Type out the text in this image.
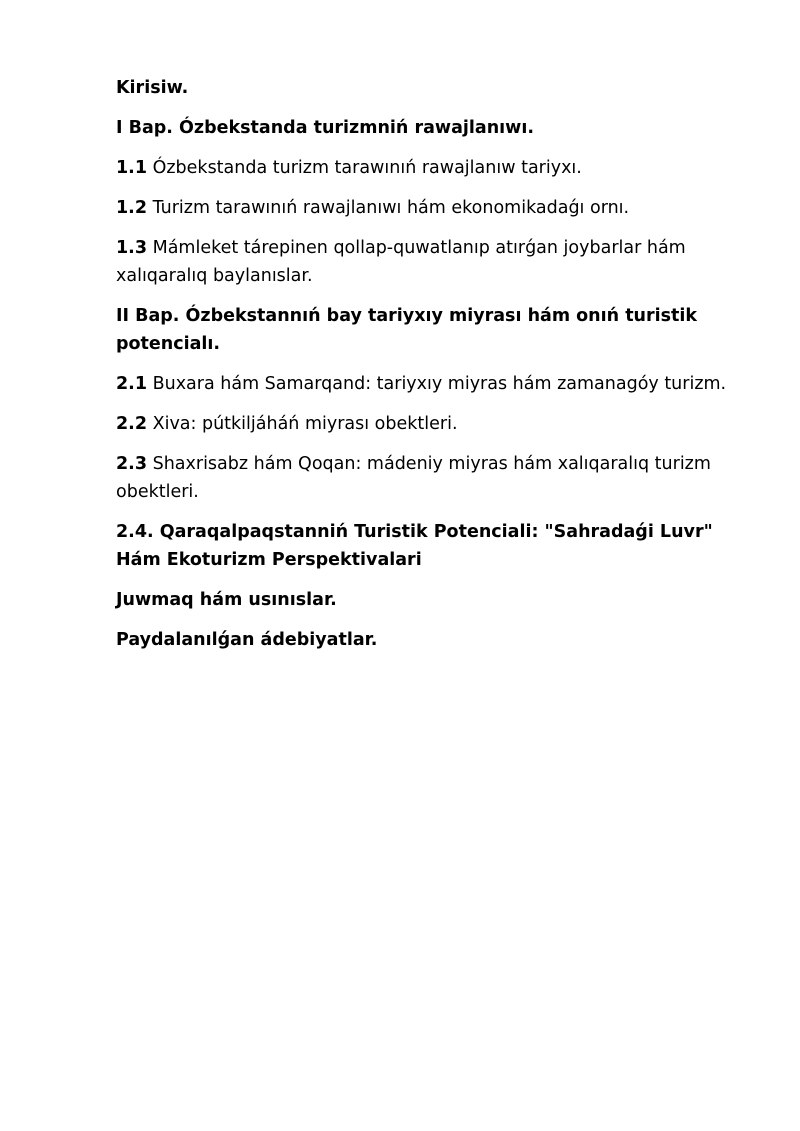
Kirisiw.

I Bap. Ózbekstanda turizmniń rawajlanıwı.

1.1 Ózbekstanda turizm tarawınıń rawajlanıw tariyxı.

1.2 Turizm tarawınıń rawajlanıwı hám ekonomikadaǵı ornı.

1.3 Mámleket tárepinen qollap-quwatlanıp atırǵan joybarlar hám xalıqaralıq baylanıslar.

II Bap. Ózbekstannıń bay tariyxıy miyrası hám onıń turistik potencialı.

2.1 Buxara hám Samarqand: tariyxıy miyras hám zamanagóy turizm.

2.2 Xiva: pútkiljáháń miyrası obektleri.

2.3 Shaxrisabz hám Qoqan: mádeniy miyras hám xalıqaralıq turizm obektleri.

2.4. Qaraqalpaqstanniń Turistik Potenciali: "Sahradaǵi Luvr" Hám Ekoturizm Perspektivalari

Juwmaq hám usınıslar.

Paydalanılǵan ádebiyatlar.
